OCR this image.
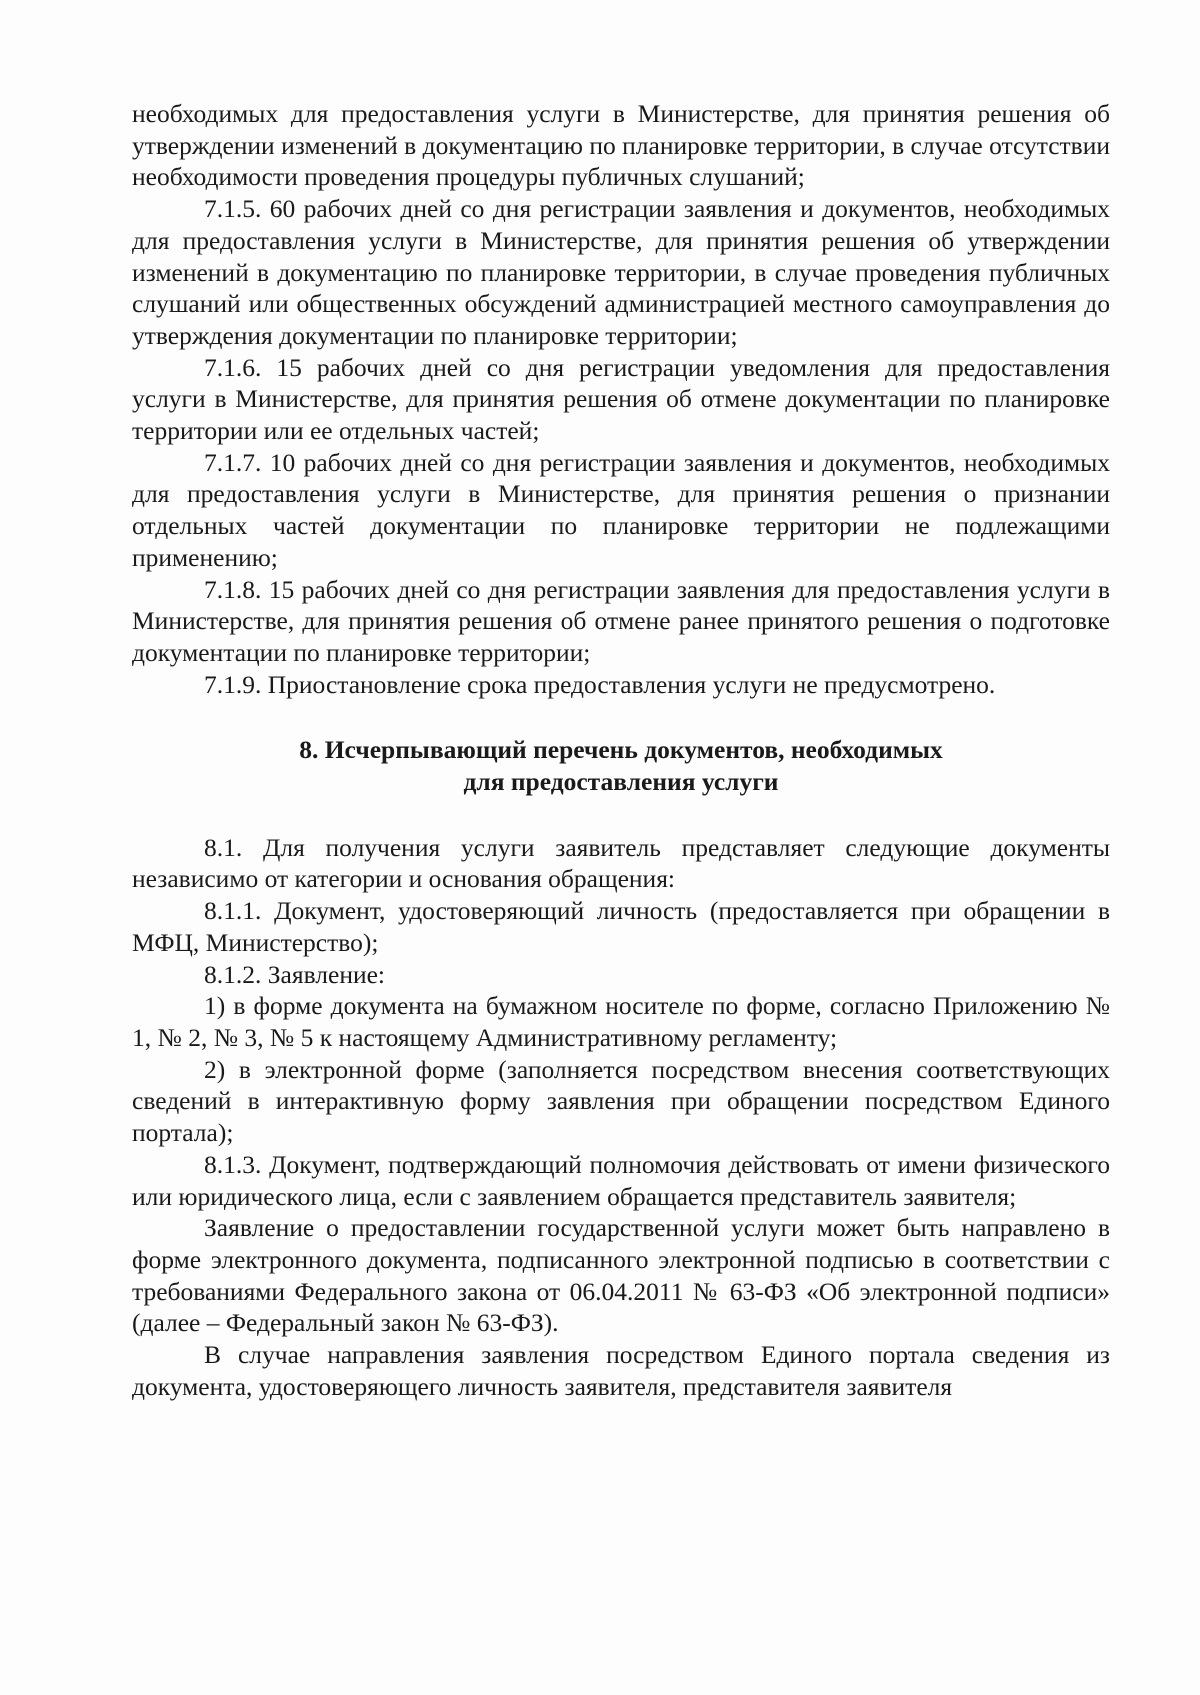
необходимых для предоставления услуги в Министерстве, для принятия решения об утверждении изменений в документацию по планировке территории, в случае отсутствии необходимости проведения процедуры публичных слушаний;

7.1.5. 60 рабочих дней со дня регистрации заявления и документов, необходимых для предоставления услуги в Министерстве, для принятия решения об утверждении изменений в документацию по планировке территории, в случае проведения публичных слушаний или общественных обсуждений администрацией местного самоуправления до утверждения документации по планировке территории;

7.1.6. 15 рабочих дней со дня регистрации уведомления для предоставления услуги в Министерстве, для принятия решения об отмене документации по планировке территории или ее отдельных частей;

7.1.7. 10 рабочих дней со дня регистрации заявления и документов, необходимых для предоставления услуги в Министерстве, для принятия решения о признании отдельных частей документации по планировке территории не подлежащими применению;

7.1.8. 15 рабочих дней со дня регистрации заявления для предоставления услуги в Министерстве, для принятия решения об отмене ранее принятого решения о подготовке документации по планировке территории;

7.1.9. Приостановление срока предоставления услуги не предусмотрено.

8. Исчерпывающий перечень документов, необходимых

для предоставления услуги

8.1. Для получения услуги заявитель представляет следующие документы независимо от категории и основания обращения:

8.1.1. Документ, удостоверяющий личность (предоставляется при обращении в МФЦ, Министерство);

8.1.2. Заявление:

1) в форме документа на бумажном носителе по форме, согласно Приложению № 1, № 2, № 3, № 5 к настоящему Административному регламенту;

2) в электронной форме (заполняется посредством внесения соответствующих сведений в интерактивную форму заявления при обращении посредством Единого портала);

8.1.3. Документ, подтверждающий полномочия действовать от имени физического или юридического лица, если с заявлением обращается представитель заявителя;

Заявление о предоставлении государственной услуги может быть направлено в форме электронного документа, подписанного электронной подписью в соответствии с требованиями Федерального закона от 06.04.2011 № 63-ФЗ «Об электронной подписи» (далее – Федеральный закон № 63-ФЗ).

В случае направления заявления посредством Единого портала сведения из документа, удостоверяющего личность заявителя, представителя заявителя
